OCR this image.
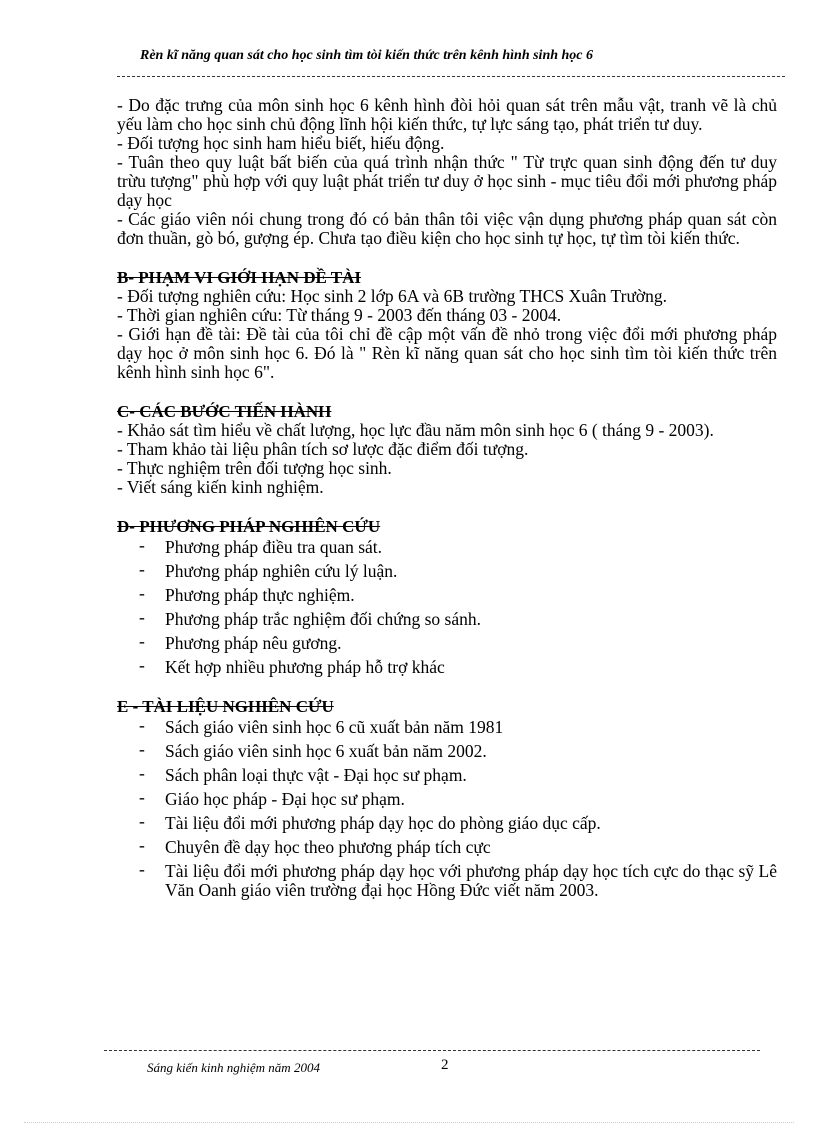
Rèn kĩ năng quan sát cho học sinh tìm tòi kiến thức trên kênh hình sinh học 6

- Do đặc trưng của môn sinh học 6 kênh hình đòi hỏi quan sát trên mẫu vật, tranh vẽ là chủ yếu làm cho học sinh chủ động lĩnh hội kiến thức, tự lực sáng tạo, phát triển tư duy.

- Đối tượng học sinh ham hiểu biết, hiếu động.

- Tuân theo quy luật bất biến của quá trình nhận thức " Từ trực quan sinh động đến tư duy trừu tượng" phù hợp với quy luật phát triển tư duy ở học sinh - mục tiêu đổi mới phương pháp dạy học

- Các giáo viên nói chung trong đó có bản thân tôi việc vận dụng phương pháp quan sát còn đơn thuần, gò bó, gượng ép. Chưa tạo điều kiện cho học sinh tự học, tự tìm tòi kiến thức.

B- PHẠM VI GIỚI HẠN ĐỀ TÀI

- Đối tượng nghiên cứu: Học sinh 2 lớp 6A và 6B trường THCS Xuân Trường.

- Thời gian nghiên cứu: Từ tháng 9 - 2003 đến tháng 03 - 2004.

- Giới hạn đề tài: Đề tài của tôi chỉ đề cập một vấn đề nhỏ trong việc đổi mới phương pháp dạy học ở môn sinh học 6. Đó là " Rèn kĩ năng quan sát cho học sinh tìm tòi kiến thức trên kênh hình sinh học 6".

C- CÁC BƯỚC TIẾN HÀNH

- Khảo sát tìm hiểu về chất lượng, học lực đầu năm môn sinh học 6 ( tháng 9 - 2003).

- Tham khảo tài liệu phân tích sơ lược đặc điểm đối tượng.

- Thực nghiệm trên đối tượng học sinh.

- Viết sáng kiến kinh nghiệm.

D- PHƯƠNG PHÁP NGHIÊN CỨU
- Phương pháp điều tra quan sát.
- Phương pháp nghiên cứu lý luận.
- Phương pháp thực nghiệm.
- Phương pháp trắc nghiệm đối chứng so sánh.
- Phương pháp nêu gương.
- Kết hợp nhiều phương pháp hỗ trợ khác
E - TÀI LIỆU NGHIÊN CỨU
- Sách giáo viên sinh học 6 cũ xuất bản năm 1981
- Sách giáo viên sinh học 6 xuất bản năm 2002.
- Sách phân loại thực vật - Đại học sư phạm.
- Giáo học pháp - Đại học sư phạm.
- Tài liệu đổi mới phương pháp dạy học do phòng giáo dục cấp.
- Chuyên đề dạy học theo phương pháp tích cực
- Tài liệu đổi mới phương pháp dạy học với phương pháp dạy học tích cực do thạc sỹ Lê Văn Oanh giáo viên trường đại học Hồng Đức viết năm 2003.
Sáng kiến kinh nghiệm năm 2004	2
